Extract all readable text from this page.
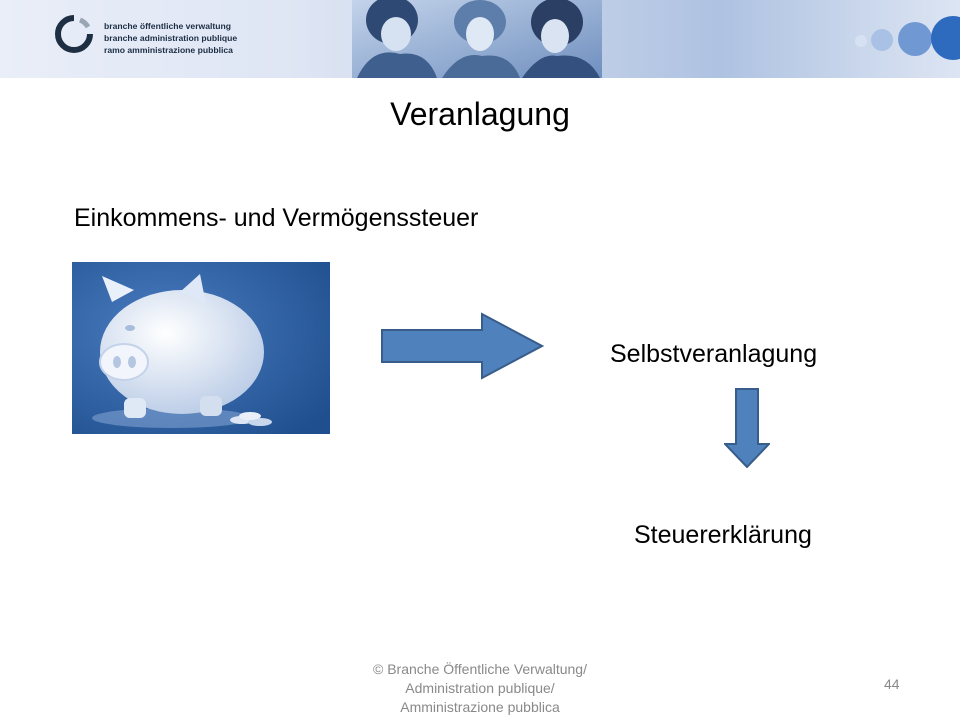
branche öffentliche verwaltung
branche administration publique
ramo amministrazione pubblica
Veranlagung
Einkommens- und Vermögenssteuer
Selbstveranlagung
Steuererklärung
© Branche Öffentliche Verwaltung/
Administration publique/
Amministrazione pubblica
44
